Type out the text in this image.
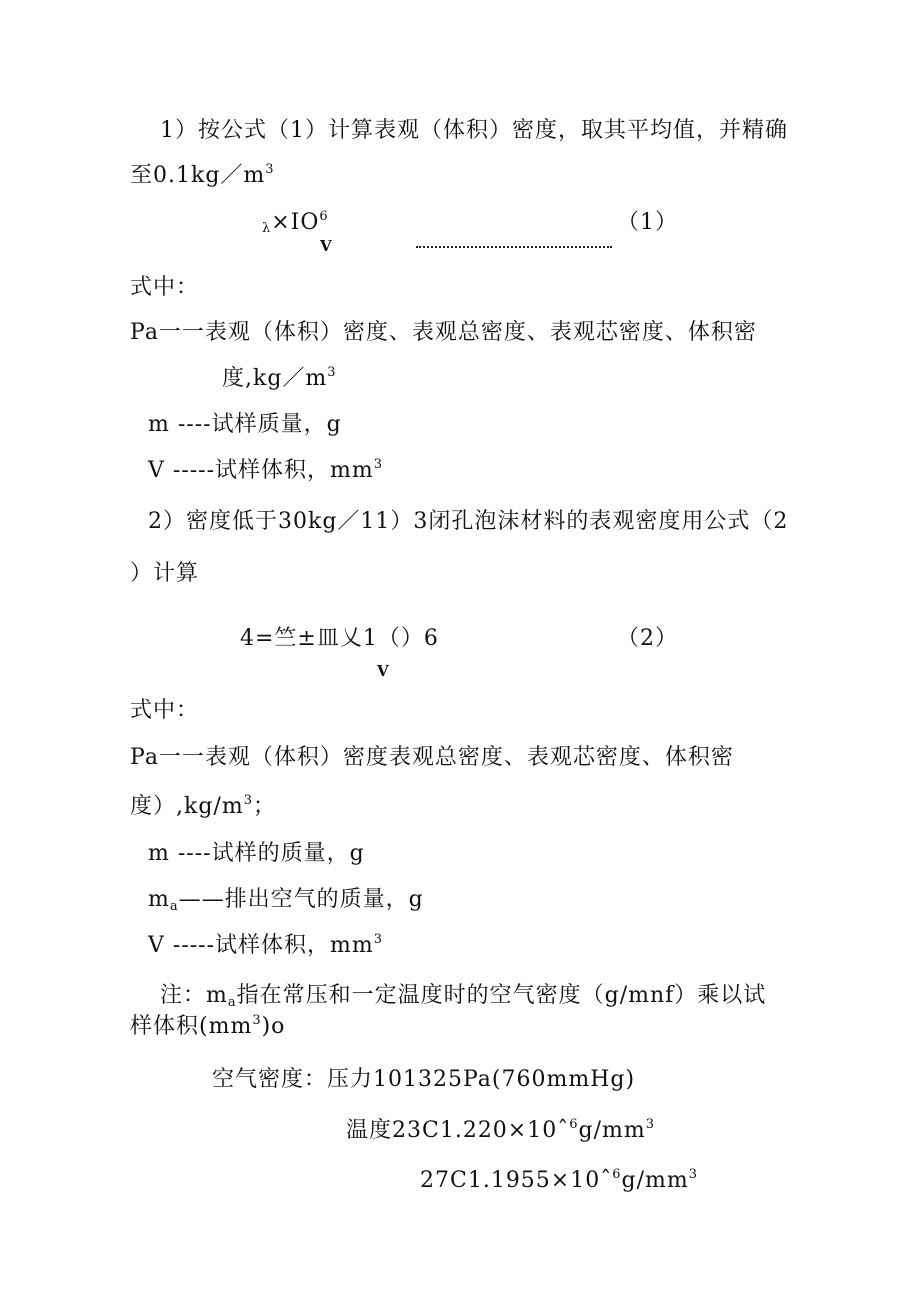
1）按公式（1）计算表观（体积）密度，取其平均值，并精确
至$0.1kg/m^3$
$\lambda\times IO^6$
V
（1）
式中：
Pa一一表观（体积）密度、表观总密度、表观芯密度、体积密
度$,kg/m^3$
m ----试样质量，g
V -----试样体积，$mm^3$
2）密度低于30kg／11）3闭孔泡沫材料的表观密度用公式（2
）计算
4=竺±皿乂1（）6
V
（2）
式中：
Pa一一表观（体积）密度表观总密度、表观芯密度、体积密
度）$,kg/m^3$；
m ----试样的质量，g
$m_a——$排出空气的质量，g
V -----试样体积，$mm^3$
注：$m_a$指在常压和一定温度时的空气密度（g/mnf）乘以试
样体积$(mm^3)o$
空气密度：压力101325Pa(760mmHg)
温度$23C1.220\times 10ˆ^6g/mm^3$
$27C1.1955\times 10ˆ^6g/mm^3$
